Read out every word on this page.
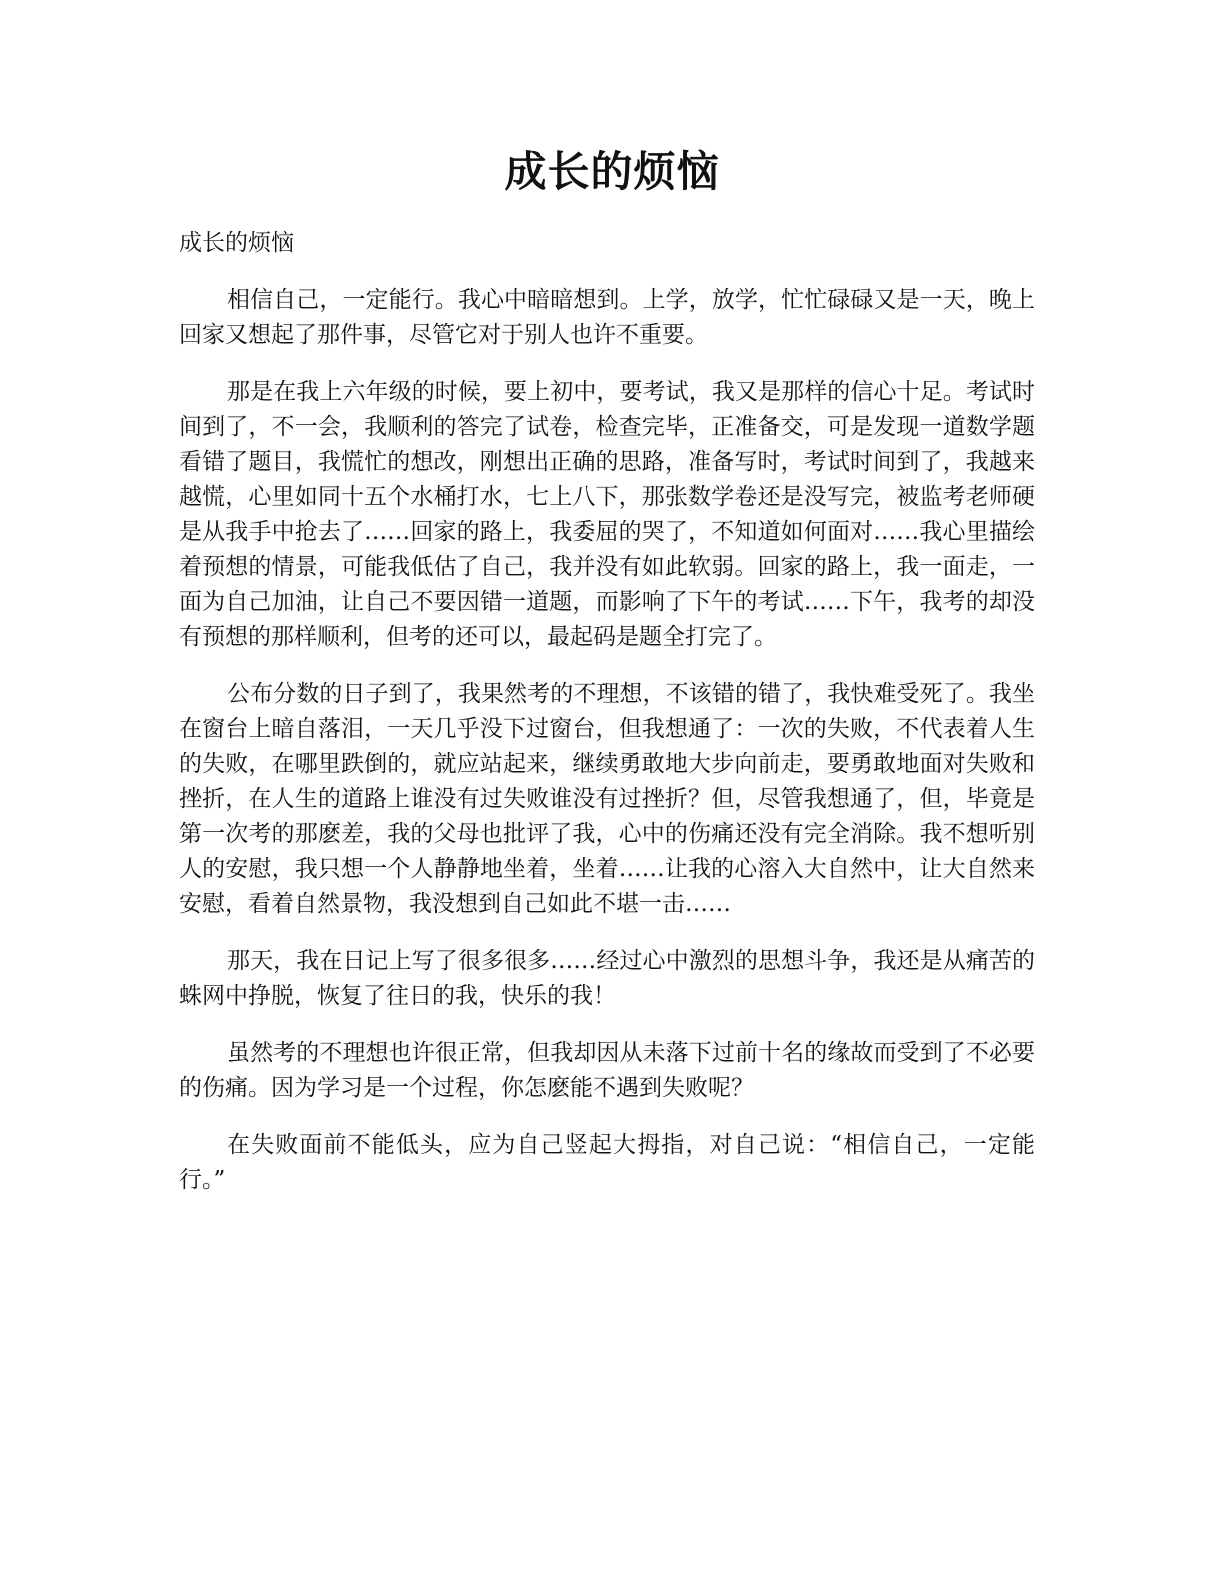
成长的烦恼

成长的烦恼

相信自己，一定能行。我心中暗暗想到。上学，放学，忙忙碌碌又是一天，晚上回家又想起了那件事，尽管它对于别人也许不重要。

那是在我上六年级的时候，要上初中，要考试，我又是那样的信心十足。考试时间到了，不一会，我顺利的答完了试卷，检查完毕，正准备交，可是发现一道数学题看错了题目，我慌忙的想改，刚想出正确的思路，准备写时，考试时间到了，我越来越慌，心里如同十五个水桶打水，七上八下，那张数学卷还是没写完，被监考老师硬是从我手中抢去了……回家的路上，我委屈的哭了，不知道如何面对……我心里描绘着预想的情景，可能我低估了自己，我并没有如此软弱。回家的路上，我一面走，一面为自己加油，让自己不要因错一道题，而影响了下午的考试……下午，我考的却没有预想的那样顺利，但考的还可以，最起码是题全打完了。

公布分数的日子到了，我果然考的不理想，不该错的错了，我快难受死了。我坐在窗台上暗自落泪，一天几乎没下过窗台，但我想通了：一次的失败，不代表着人生的失败，在哪里跌倒的，就应站起来，继续勇敢地大步向前走，要勇敢地面对失败和挫折，在人生的道路上谁没有过失败谁没有过挫折？但，尽管我想通了，但，毕竟是第一次考的那麽差，我的父母也批评了我，心中的伤痛还没有完全消除。我不想听别人的安慰，我只想一个人静静地坐着，坐着……让我的心溶入大自然中，让大自然来安慰，看着自然景物，我没想到自己如此不堪一击……

那天，我在日记上写了很多很多……经过心中激烈的思想斗争，我还是从痛苦的蛛网中挣脱，恢复了往日的我，快乐的我！

虽然考的不理想也许很正常，但我却因从未落下过前十名的缘故而受到了不必要的伤痛。因为学习是一个过程，你怎麽能不遇到失败呢？

在失败面前不能低头，应为自己竖起大拇指，对自己说：“相信自己，一定能行。”
